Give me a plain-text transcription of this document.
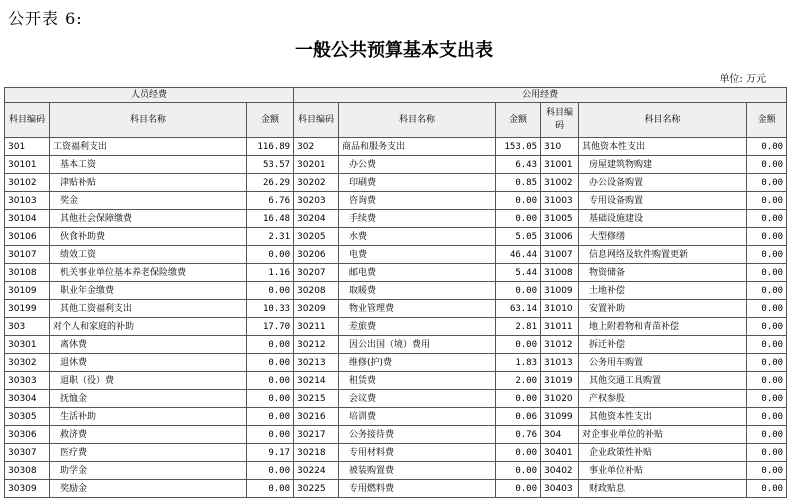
公开表 6:
一般公共预算基本支出表
单位: 万元
人员经费			公用经费					
科目编码	科目名称	金额	科目编码	科目名称	金额	科目编码	科目名称	金额
301	工资福利支出	116.89	302	商品和服务支出	153.05	310	其他资本性支出	0.00
30101	基本工资	53.57	30201	办公费	6.43	31001	房屋建筑物购建	0.00
30102	津贴补贴	26.29	30202	印刷费	0.85	31002	办公设备购置	0.00
30103	奖金	6.76	30203	咨询费	0.00	31003	专用设备购置	0.00
30104	其他社会保障缴费	16.48	30204	手续费	0.00	31005	基础设施建设	0.00
30106	伙食补助费	2.31	30205	水费	5.05	31006	大型修缮	0.00
30107	绩效工资	0.00	30206	电费	46.44	31007	信息网络及软件购置更新	0.00
30108	机关事业单位基本养老保险缴费	1.16	30207	邮电费	5.44	31008	物资储备	0.00
30109	职业年金缴费	0.00	30208	取暖费	0.00	31009	土地补偿	0.00
30199	其他工资福利支出	10.33	30209	物业管理费	63.14	31010	安置补助	0.00
303	对个人和家庭的补助	17.70	30211	差旅费	2.81	31011	地上附着物和青苗补偿	0.00
30301	离休费	0.00	30212	因公出国（境）费用	0.00	31012	拆迁补偿	0.00
30302	退休费	0.00	30213	维修(护)费	1.83	31013	公务用车购置	0.00
30303	退职（役）费	0.00	30214	租赁费	2.00	31019	其他交通工具购置	0.00
30304	抚恤金	0.00	30215	会议费	0.00	31020	产权参股	0.00
30305	生活补助	0.00	30216	培训费	0.06	31099	其他资本性支出	0.00
30306	救济费	0.00	30217	公务接待费	0.76	304	对企事业单位的补贴	0.00
30307	医疗费	9.17	30218	专用材料费	0.00	30401	企业政策性补贴	0.00
30308	助学金	0.00	30224	被装购置费	0.00	30402	事业单位补贴	0.00
30309	奖励金	0.00	30225	专用燃料费	0.00	30403	财政贴息	0.00
